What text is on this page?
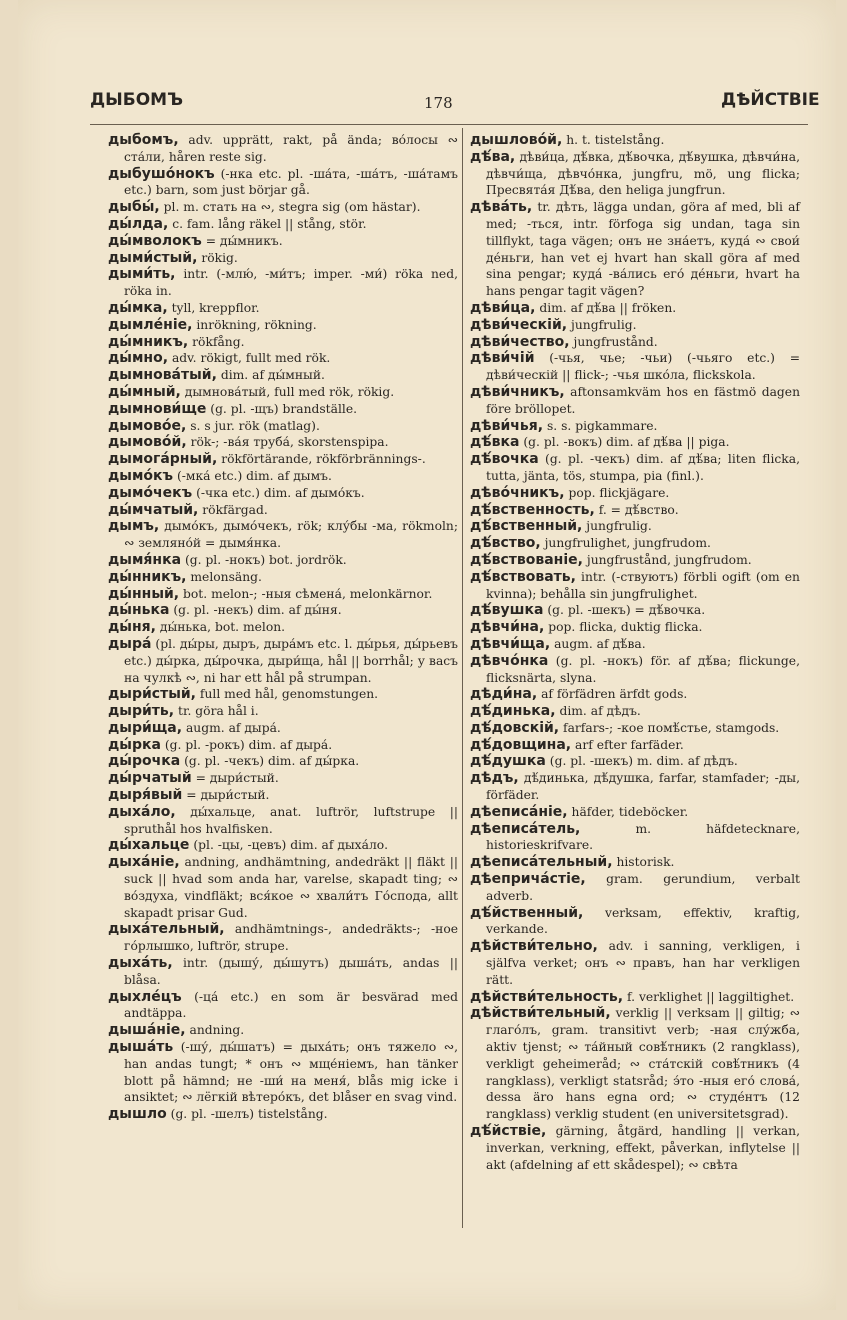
ДЫБОМЪ	178	ДѢЙСТВІЕ
дыбомъ, adv. upprätt, rakt, på ända; во́лосы ∾ ста́ли, håren reste sig.
дыбушо́нокъ (-нка etc. pl. -ша́та, -ша́тъ, -ша́тамъ etc.) barn, som just börjar gå.
дыбы́, pl. m. стать на ∾, stegra sig (om hästar).
ды́лда, c. fam. lång räkel || stång, stör.
ды́мволокъ = ды́мникъ.
дыми́стый, rökig.
дыми́ть, intr. (-млю́, -ми́тъ; imper. -ми́) röka ned, röka in.
ды́мка, tyll, kreppflor.
дымле́ніе, inrökning, rökning.
ды́мникъ, rökfång.
ды́мно, adv. rökigt, fullt med rök.
дымнова́тый, dim. af ды́мный.
ды́мный, дымнова́тый, full med rök, rökig.
дымнови́ще (g. pl. -щъ) brandställe.
дымово́е, s. s jur. rök (matlag).
дымово́й, rök-; -ва́я труба́, skorstenspipa.
дымога́рный, rökförtärande, rökförbrännings-.
дымо́къ (-мка́ etc.) dim. af дымъ.
дымо́чекъ (-чка etc.) dim. af дымо́къ.
ды́мчатый, rökfärgad.
дымъ, дымо́къ, дымо́чекъ, rök; клу́бы -ма, rökmoln; ∾ земляно́й = дымя́нка.
дымя́нка (g. pl. -нокъ) bot. jordrök.
ды́нникъ, melonsäng.
ды́нный, bot. melon-; -ныя сѣмена́, melonkärnor.
ды́нька (g. pl. -некъ) dim. af ды́ня.
ды́ня, ды́нька, bot. melon.
дыра́ (pl. ды́ры, дыръ, дыра́мъ etc. l. ды́рья, ды́рьевъ etc.) ды́рка, ды́рочка, дыри́ща, hål || borrhål; у васъ на чулкѣ ∾, ni har ett hål på strumpan.
дыри́стый, full med hål, genomstungen.
дыри́ть, tr. göra hål i.
дыри́ща, augm. af дыра́.
ды́рка (g. pl. -рокъ) dim. af дыра́.
ды́рочка (g. pl. -чекъ) dim. af ды́рка.
ды́рчатый = дыри́стый.
дыря́вый = дыри́стый.
дыха́ло, ды́хальце, anat. luftrör, luftstrupe || spruthål hos hvalfisken.
ды́хальце (pl. -цы, -цевъ) dim. af дыха́ло.
дыха́ніе, andning, andhämtning, andedräkt || fläkt || suck || hvad som anda har, varelse, skapadt ting; ∾ во́здуха, vindfläkt; вся́кое ∾ хвали́тъ Го́спода, allt skapadt prisar Gud.
дыха́тельный, andhämtnings-, andedräkts-; -ное го́рлышко, luftrör, strupe.
дыха́ть, intr. (дышу́, ды́шутъ) дыша́ть, andas || blåsa.
дыхле́цъ (-ца́ etc.) en som är besvärad med andtäppa.
дыша́ніе, andning.
дыша́ть (-шу́, ды́шатъ) = дыха́ть; онъ тяжело ∾, han andas tungt; * онъ ∾ мще́ніемъ, han tänker blott på hämnd; не -ши́ на меня́, blås mig icke i ansiktet; ∾ лёгкій вѣтеро́къ, det blåser en svag vind.
дышло (g. pl. -шелъ) tistelstång.
дышлово́й, h. t. tistelstång.
дѣ́ва, дѣви́ца, дѣ́вка, дѣ́вочка, дѣ́вушка, дѣвчи́на, дѣвчи́ща, дѣвчо́нка, jungfru, mö, ung flicka; Пресвята́я Дѣ́ва, den heliga jungfrun.
дѣва́ть, tr. дѣть, lägga undan, göra af med, bli af med; -ться, intr. förfoga sig undan, taga sin tillflykt, taga vägen; онъ не зна́етъ, куда́ ∾ свои́ де́ньги, han vet ej hvart han skall göra af med sina pengar; куда́ -ва́лись его́ де́ньги, hvart ha hans pengar tagit vägen?
дѣви́ца, dim. af дѣ́ва || fröken.
дѣви́ческій, jungfrulig.
дѣви́чество, jungfrustånd.
дѣви́чій (-чья, чье; -чьи) (-чьяго etc.) = дѣви́ческій || flick-; -чья шко́ла, flickskola.
дѣви́чникъ, aftonsamkväm hos en fästmö dagen före bröllopet.
дѣви́чья, s. s. pigkammare.
дѣ́вка (g. pl. -вокъ) dim. af дѣ́ва || piga.
дѣ́вочка (g. pl. -чекъ) dim. af дѣ́ва; liten flicka, tutta, jänta, tös, stumpa, pia (finl.).
дѣво́чникъ, pop. flickjägare.
дѣ́вственность, f. = дѣ́вство.
дѣ́вственный, jungfrulig.
дѣ́вство, jungfrulighet, jungfrudom.
дѣ́вствованіе, jungfrustånd, jungfrudom.
дѣ́вствовать, intr. (-ствуютъ) förbli ogift (om en kvinna); behålla sin jungfrulighet.
дѣ́вушка (g. pl. -шекъ) = дѣ́вочка.
дѣвчи́на, pop. flicka, duktig flicka.
дѣвчи́ща, augm. af дѣ́ва.
дѣвчо́нка (g. pl. -нокъ) för. af дѣ́ва; flickunge, flicksnärta, slyna.
дѣди́на, af förfädren ärfdt gods.
дѣ́динька, dim. af дѣдъ.
дѣ́довскій, farfars-; -кое помѣ́стье, stamgods.
дѣ́довщина, arf efter farfäder.
дѣ́душка (g. pl. -шекъ) m. dim. af дѣдъ.
дѣдъ, дѣ́динька, дѣ́душка, farfar, stamfader; -ды, förfäder.
дѣеписа́ніе, häfder, tideböcker.
дѣеписа́тель,	m. häfdetecknare, historieskrifvare.
дѣеписа́тельный, historisk.
дѣеприча́стіе, gram. gerundium, verbalt adverb.
дѣ́йственный, verksam, effektiv, kraftig, verkande.
дѣйстви́тельно, adv. i sanning, verkligen, i själfva verket; онъ ∾ правъ, han har verkligen rätt.
дѣйстви́тельность, f. verklighet || laggiltighet.
дѣйстви́тельный, verklig || verksam || giltig; ∾ глаго́лъ, gram. transitivt verb; -ная слу́жба, aktiv tjenst; ∾ та́йный совѣ́тникъ (2 rangklass), verkligt geheimeråd; ∾ ста́тскій совѣ́тникъ (4 rangklass), verkligt statsråd; э́то -ныя его́ слова́, dessa äro hans egna ord; ∾ студе́нтъ (12 rangklass) verklig student (en universitetsgrad).
дѣ́йствіе, gärning, åtgärd, handling || verkan, inverkan, verkning, effekt, påverkan, inflytelse || akt (afdelning af ett skådespel); ∾ свѣта
